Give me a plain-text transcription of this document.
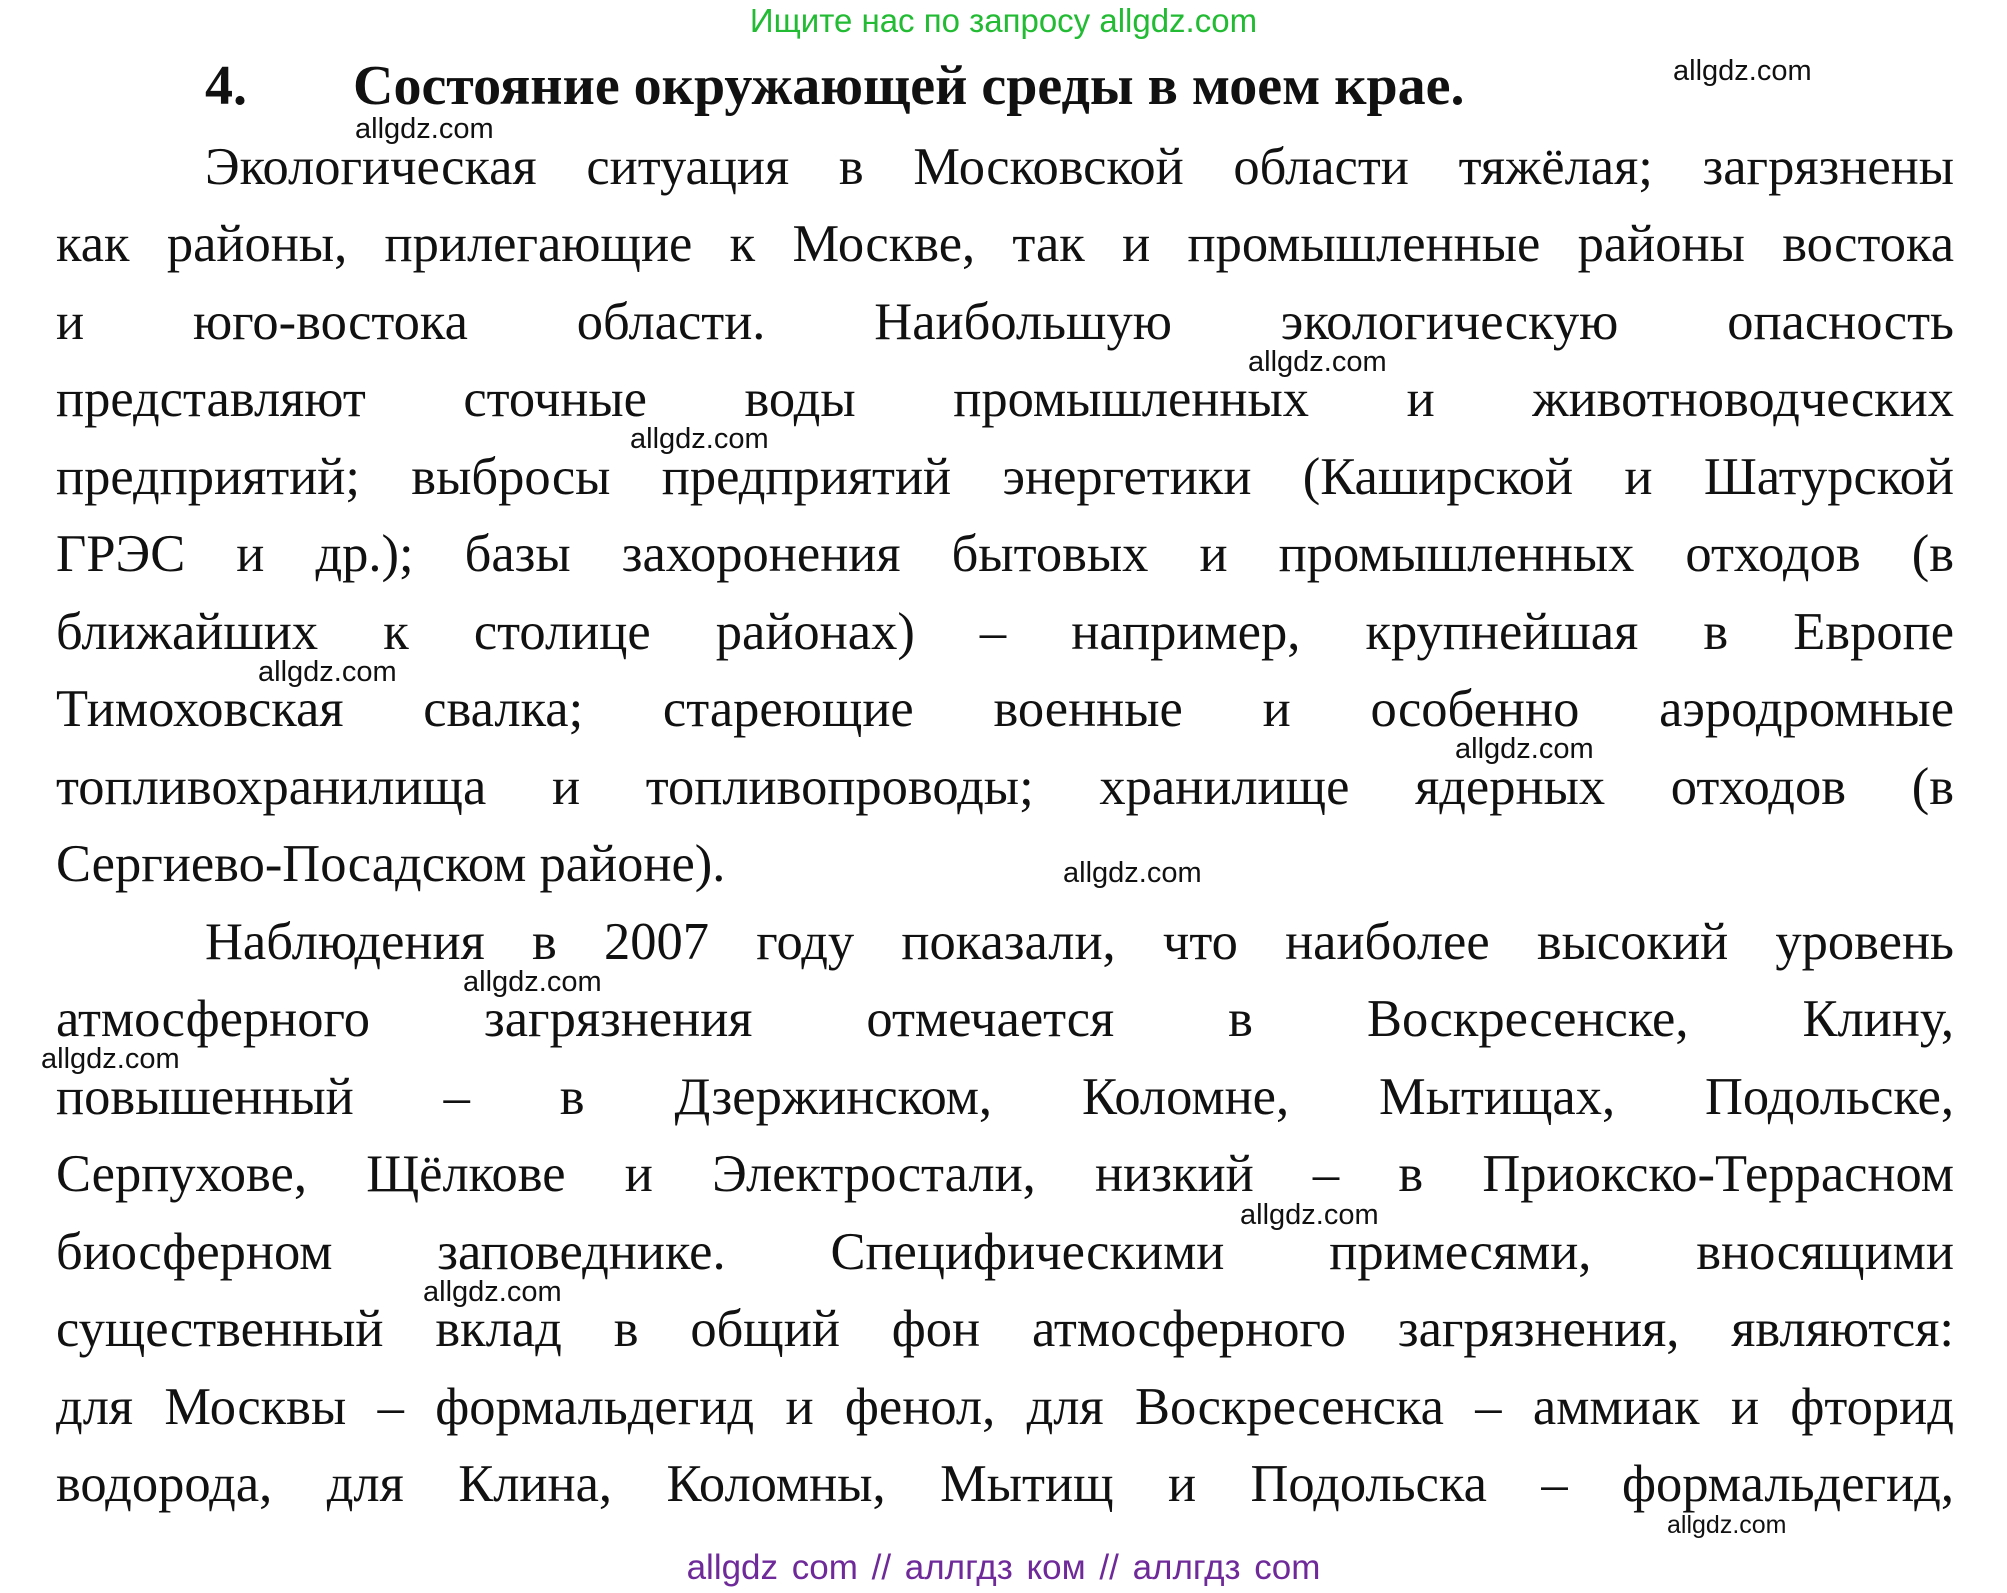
Ищите нас по запросу allgdz.com
4. Состояние окружающей среды в моем крае.
Экологическая ситуация в Московской области тяжёлая; загрязнены
как районы, прилегающие к Москве, так и промышленные районы востока
и юго-востока области. Наибольшую экологическую опасность
представляют сточные воды промышленных и животноводческих
предприятий; выбросы предприятий энергетики (Каширской и Шатурской
ГРЭС и др.); базы захоронения бытовых и промышленных отходов (в
ближайших к столице районах) – например, крупнейшая в Европе
Тимоховская свалка; стареющие военные и особенно аэродромные
топливохранилища и топливопроводы; хранилище ядерных отходов (в
Сергиево-Посадском районе).
Наблюдения в 2007 году показали, что наиболее высокий уровень
атмосферного загрязнения отмечается в Воскресенске, Клину,
повышенный – в Дзержинском, Коломне, Мытищах, Подольске,
Серпухове, Щёлкове и Электростали, низкий – в Приокско-Террасном
биосферном заповеднике. Специфическими примесями, вносящими
существенный вклад в общий фон атмосферного загрязнения, являются:
для Москвы – формальдегид и фенол, для Воскресенска – аммиак и фторид
водорода, для Клина, Коломны, Мытищ и Подольска – формальдегид,
allgdz.com
allgdz.com
allgdz.com
allgdz.com
allgdz.com
allgdz.com
allgdz.com
allgdz.com
allgdz.com
allgdz.com
allgdz.com
allgdz.com
allgdz com // аллгдз ком // аллгдз com
